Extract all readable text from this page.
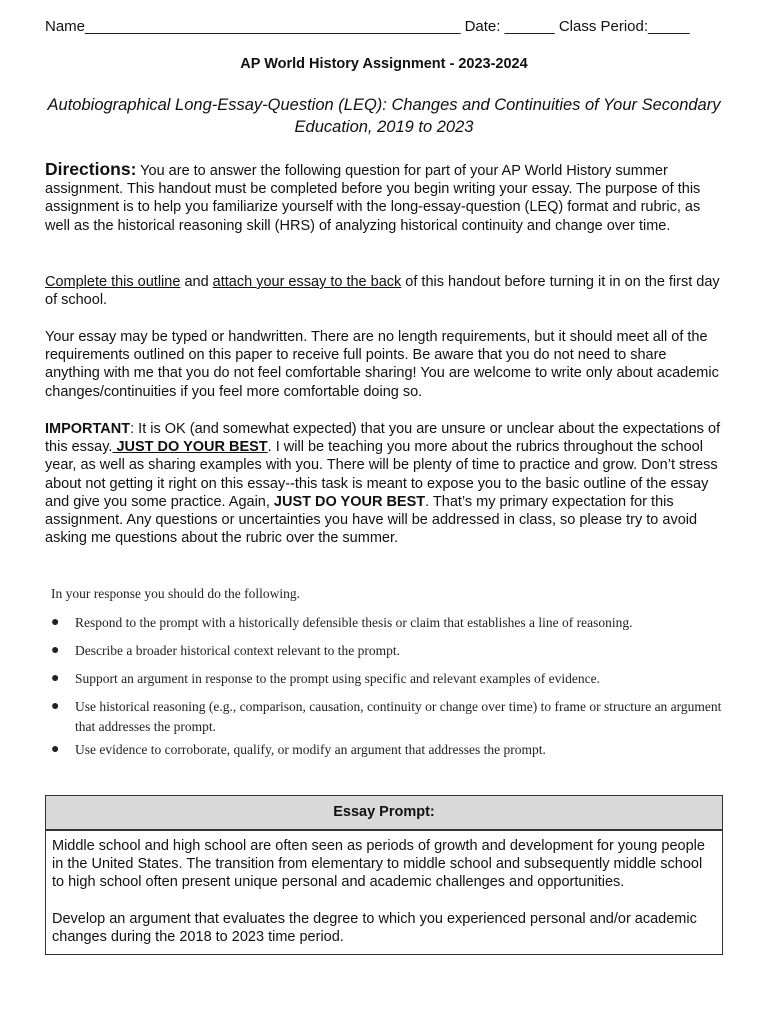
Name_____________________________________________ Date: ______ Class Period:_____
AP World History Assignment - 2023-2024
Autobiographical Long-Essay-Question (LEQ): Changes and Continuities of Your Secondary Education, 2019 to 2023
Directions: You are to answer the following question for part of your AP World History summer assignment. This handout must be completed before you begin writing your essay. The purpose of this assignment is to help you familiarize yourself with the long-essay-question (LEQ) format and rubric, as well as the historical reasoning skill (HRS) of analyzing historical continuity and change over time.
Complete this outline and attach your essay to the back of this handout before turning it in on the first day of school.
Your essay may be typed or handwritten. There are no length requirements, but it should meet all of the requirements outlined on this paper to receive full points. Be aware that you do not need to share anything with me that you do not feel comfortable sharing! You are welcome to write only about academic changes/continuities if you feel more comfortable doing so.
IMPORTANT: It is OK (and somewhat expected) that you are unsure or unclear about the expectations of this essay. JUST DO YOUR BEST. I will be teaching you more about the rubrics throughout the school year, as well as sharing examples with you. There will be plenty of time to practice and grow. Don’t stress about not getting it right on this essay--this task is meant to expose you to the basic outline of the essay and give you some practice. Again, JUST DO YOUR BEST. That’s my primary expectation for this assignment. Any questions or uncertainties you have will be addressed in class, so please try to avoid asking me questions about the rubric over the summer.

In your response you should do the following.

● Respond to the prompt with a historically defensible thesis or claim that establishes a line of reasoning.
● Describe a broader historical context relevant to the prompt.
● Support an argument in response to the prompt using specific and relevant examples of evidence.
● Use historical reasoning (e.g., comparison, causation, continuity or change over time) to frame or structure an argument that addresses the prompt.
● Use evidence to corroborate, qualify, or modify an argument that addresses the prompt.
Essay Prompt:

Middle school and high school are often seen as periods of growth and development for young people in the United States. The transition from elementary to middle school and subsequently middle school to high school often present unique personal and academic challenges and opportunities.

Develop an argument that evaluates the degree to which you experienced personal and/or academic changes during the 2018 to 2023 time period.
